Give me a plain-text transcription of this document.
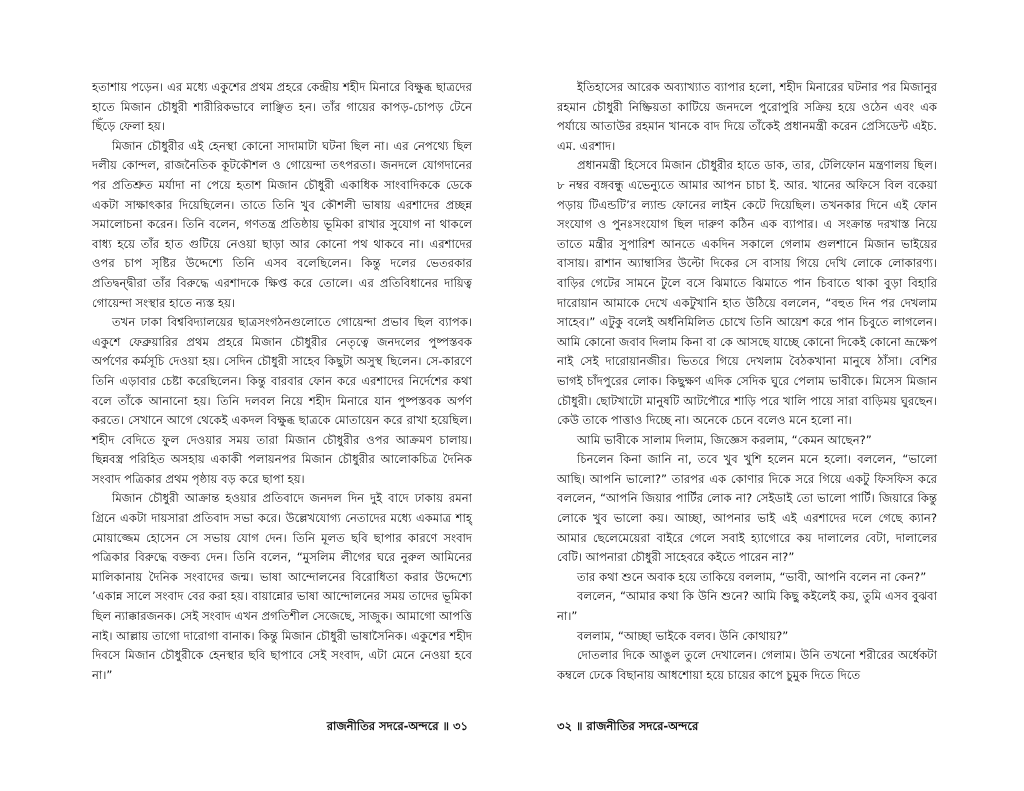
হতাশায় পড়েন। এর মধ্যে একুশের প্রথম প্রহরে কেন্দ্রীয় শহীদ মিনারে বিক্ষুব্ধ ছাত্রদের হাতে মিজান চৌধুরী শারীরিকভাবে লাঞ্ছিত হন। তাঁর গায়ের কাপড়-চোপড় টেনে ছিঁড়ে ফেলা হয়।

মিজান চৌধুরীর এই হেনস্থা কোনো সাদামাটা ঘটনা ছিল না। এর নেপথ্যে ছিল দলীয় কোন্দল, রাজনৈতিক কূটকৌশল ও গোয়েন্দা তৎপরতা। জনদলে যোগদানের পর প্রতিশ্রুত মর্যাদা না পেয়ে হতাশ মিজান চৌধুরী একাধিক সাংবাদিককে ডেকে একটা সাক্ষাৎকার দিয়েছিলেন। তাতে তিনি খুব কৌশলী ভাষায় এরশাদের প্রচ্ছন্ন সমালোচনা করেন। তিনি বলেন, গণতন্ত্র প্রতিষ্ঠায় ভূমিকা রাখার সুযোগ না থাকলে বাধ্য হয়ে তাঁর হাত গুটিয়ে নেওয়া ছাড়া আর কোনো পথ থাকবে না। এরশাদের ওপর চাপ সৃষ্টির উদ্দেশ্যে তিনি এসব বলেছিলেন। কিন্তু দলের ভেতরকার প্রতিদ্বন্দ্বীরা তাঁর বিরুদ্ধে এরশাদকে ক্ষিপ্ত করে তোলে। এর প্রতিবিধানের দায়িত্ব গোয়েন্দা সংস্থার হাতে ন্যস্ত হয়।

তখন ঢাকা বিশ্ববিদ্যালয়ের ছাত্রসংগঠনগুলোতে গোয়েন্দা প্রভাব ছিল ব্যাপক। একুশে ফেব্রুয়ারির প্রথম প্রহরে মিজান চৌধুরীর নেতৃত্বে জনদলের পুষ্পস্তবক অর্পণের কর্মসূচি দেওয়া হয়। সেদিন চৌধুরী সাহেব কিছুটা অসুস্থ ছিলেন। সে-কারণে তিনি এড়াবার চেষ্টা করেছিলেন। কিন্তু বারবার ফোন করে এরশাদের নির্দেশের কথা বলে তাঁকে আনানো হয়। তিনি দলবল নিয়ে শহীদ মিনারে যান পুষ্পস্তবক অর্পণ করতে। সেখানে আগে থেকেই একদল বিক্ষুব্ধ ছাত্রকে মোতায়েন করে রাখা হয়েছিল। শহীদ বেদিতে ফুল দেওয়ার সময় তারা মিজান চৌধুরীর ওপর আক্রমণ চালায়। ছিন্নবস্ত্র পরিহিত অসহায় একাকী পলায়নপর মিজান চৌধুরীর আলোকচিত্র দৈনিক সংবাদ পত্রিকার প্রথম পৃষ্ঠায় বড় করে ছাপা হয়।

মিজান চৌধুরী আক্রান্ত হওয়ার প্রতিবাদে জনদল দিন দুই বাদে ঢাকায় রমনা গ্রিনে একটা দায়সারা প্রতিবাদ সভা করে। উল্লেখযোগ্য নেতাদের মধ্যে একমাত্র শাহ্ মোয়াজ্জেম হোসেন সে সভায় যোগ দেন। তিনি মূলত ছবি ছাপার কারণে সংবাদ পত্রিকার বিরুদ্ধে বক্তব্য দেন। তিনি বলেন, “মুসলিম লীগের ঘরে নুরুল আমিনের মালিকানায় দৈনিক সংবাদের জন্ম। ভাষা আন্দোলনের বিরোধিতা করার উদ্দেশ্যে ’একান্ন সালে সংবাদ বের করা হয়। বায়ান্নোর ভাষা আন্দোলনের সময় তাদের ভূমিকা ছিল ন্যাক্কারজনক। সেই সংবাদ এখন প্রগতিশীল সেজেছে, সাজুক। আমাগো আপত্তি নাই। আল্লায় তাগো দারোগা বানাক। কিন্তু মিজান চৌধুরী ভাষাসৈনিক। একুশের শহীদ দিবসে মিজান চৌধুরীকে হেনস্থার ছবি ছাপাবে সেই সংবাদ, এটা মেনে নেওয়া হবে না।”

রাজনীতির সদরে-অন্দরে ॥ ৩১

ইতিহাসের আরেক অব্যাখ্যাত ব্যাপার হলো, শহীদ মিনারের ঘটনার পর মিজানুর রহমান চৌধুরী নিষ্ক্রিয়তা কাটিয়ে জনদলে পুরোপুরি সক্রিয় হয়ে ওঠেন এবং এক পর্যায়ে আতাউর রহমান খানকে বাদ দিয়ে তাঁকেই প্রধানমন্ত্রী করেন প্রেসিডেন্ট এইচ. এম. এরশাদ।

প্রধানমন্ত্রী হিসেবে মিজান চৌধুরীর হাতে ডাক, তার, টেলিফোন মন্ত্রণালয় ছিল। ৮ নম্বর বঙ্গবন্ধু এভেন্যুতে আমার আপন চাচা ই. আর. খানের অফিসে বিল বকেয়া পড়ায় টিএন্ডটি’র ল্যান্ড ফোনের লাইন কেটে দিয়েছিল। তখনকার দিনে এই ফোন সংযোগ ও পুনঃসংযোগ ছিল দারুণ কঠিন এক ব্যাপার। এ সংক্রান্ত দরখাস্ত নিয়ে তাতে মন্ত্রীর সুপারিশ আনতে একদিন সকালে গেলাম গুলশানে মিজান ভাইয়ের বাসায়। রাশান অ্যাম্বাসির উল্টো দিকের সে বাসায় গিয়ে দেখি লোকে লোকারণ্য। বাড়ির গেটের সামনে টুলে বসে ঝিমাতে ঝিমাতে পান চিবাতে থাকা বুড়া বিহারি দারোয়ান আমাকে দেখে একটুখানি হাত উঠিয়ে বললেন, “বহুত দিন পর দেখলাম সাহেব।” এটুকু বলেই অর্ধনিমিলিত চোখে তিনি আয়েশ করে পান চিবুতে লাগলেন। আমি কোনো জবাব দিলাম কিনা বা কে আসছে যাচ্ছে কোনো দিকেই কোনো ভ্রূক্ষেপ নাই সেই দারোয়ানজীর। ভিতরে গিয়ে দেখলাম বৈঠকখানা মানুষে ঠাঁসা। বেশির ভাগই চাঁদপুরের লোক। কিছুক্ষণ এদিক সেদিক ঘুরে পেলাম ভাবীকে। মিসেস মিজান চৌধুরী। ছোটখাটো মানুষটি আটপৌরে শাড়ি পরে খালি পায়ে সারা বাড়িময় ঘুরছেন। কেউ তাকে পাত্তাও দিচ্ছে না। অনেকে চেনে বলেও মনে হলো না।

আমি ভাবীকে সালাম দিলাম, জিজ্ঞেস করলাম, “কেমন আছেন?”

চিনলেন কিনা জানি না, তবে খুব খুশি হলেন মনে হলো। বললেন, “ভালো আছি। আপনি ভালো?” তারপর এক কোণার দিকে সরে গিয়ে একটু ফিসফিস করে বললেন, “আপনি জিয়ার পার্টির লোক না? সেইডাই তো ভালো পার্টি। জিয়ারে কিন্তু লোকে খুব ভালো কয়। আচ্ছা, আপনার ভাই এই এরশাদের দলে গেছে ক্যান? আমার ছেলেমেয়েরা বাইরে গেলে সবাই হ্যাগোরে কয় দালালের বেটা, দালালের বেটি। আপনারা চৌধুরী সাহেবরে কইতে পারেন না?”

তার কথা শুনে অবাক হয়ে তাকিয়ে বললাম, “ভাবী, আপনি বলেন না কেন?”

বললেন, “আমার কথা কি উনি শুনে? আমি কিছু কইলেই কয়, তুমি এসব বুঝবা না।”

বললাম, “আচ্ছা ভাইকে বলব। উনি কোথায়?”

দোতলার দিকে আঙুল তুলে দেখালেন। গেলাম। উনি তখনো শরীরের অর্ধেকটা কম্বলে ঢেকে বিছানায় আধশোয়া হয়ে চায়ের কাপে চুমুক দিতে দিতে

৩২ ॥ রাজনীতির সদরে-অন্দরে
